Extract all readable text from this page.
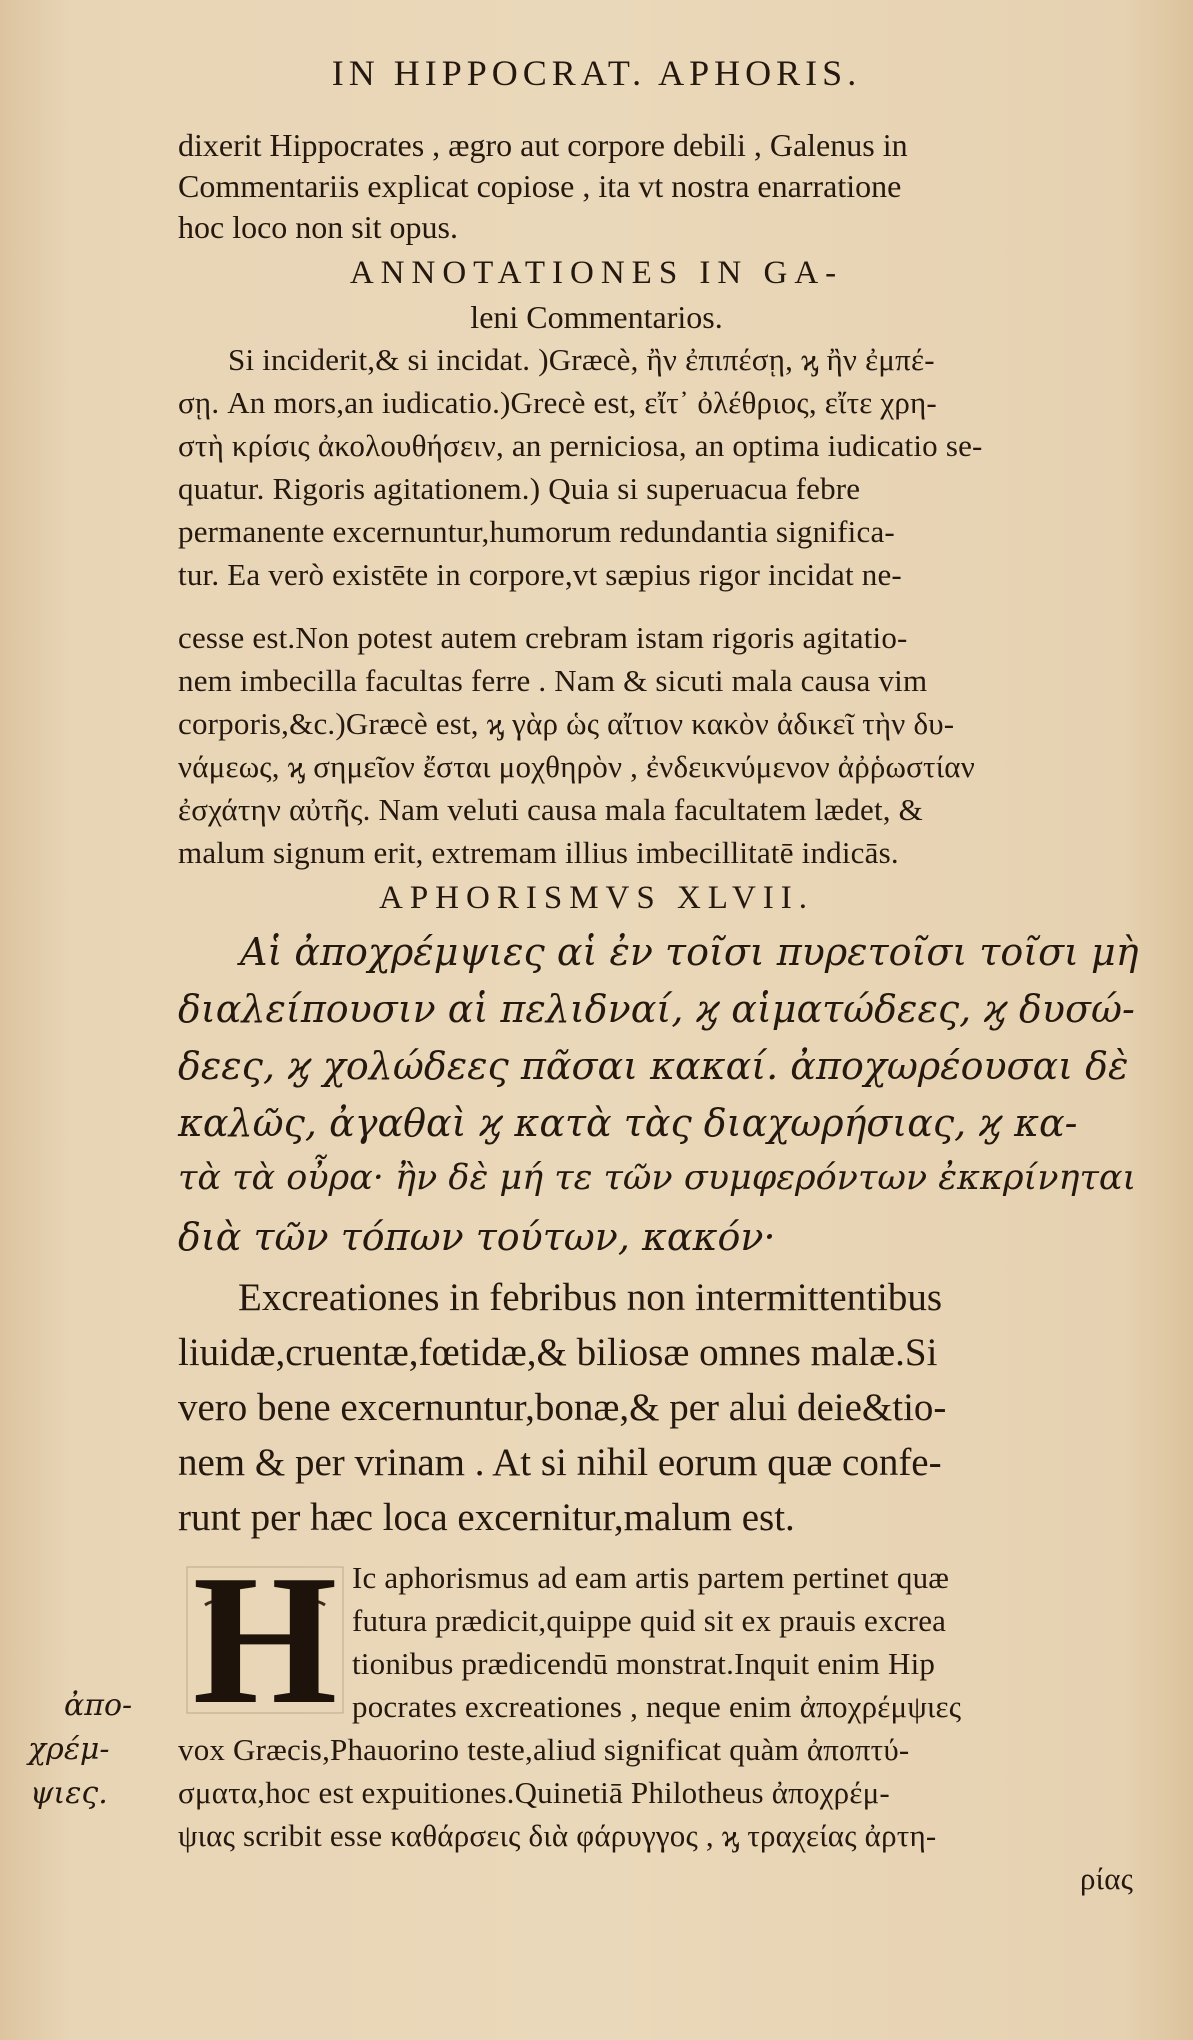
IN HIPPOCRAT. APHORIS.
dixerit Hippocrates , ægro aut corpore debili , Galenus in
Commentariis explicat copiose , ita vt nostra enarratione
hoc loco non sit opus.
ANNOTATIONES IN GA-
leni Commentarios.
Si inciderit,& si incidat. )Græcè, ἢν ἐπιπέσῃ, ϗ ἢν ἐμπέ-
σῃ. An mors,an iudicatio.)Grecè est, εἴτ᾽ ὀλέθριος, εἴτε χρη-
στὴ κρίσις ἀκολουθήσειν, an perniciosa, an optima iudicatio se-
quatur. Rigoris agitationem.) Quia si superuacua febre
permanente excernuntur,humorum redundantia significa-
tur. Ea verò existēte in corpore,vt sæpius rigor incidat ne-
cesse est.Non potest autem crebram istam rigoris agitatio-
nem imbecilla facultas ferre . Nam & sicuti mala causa vim
corporis,&c.)Græcè est, ϗ γὰρ ὡς αἴτιον κακὸν ἀδικεῖ τὴν δυ-
νάμεως, ϗ σημεῖον ἔσται μοχθηρὸν , ἐνδεικνύμενον ἀῤῥωστίαν
ἐσχάτην αὐτῆς. Nam veluti causa mala facultatem lædet, &
malum signum erit, extremam illius imbecillitatē indicās.
APHORISMVS XLVII.
Αἱ ἀποχρέμψιες αἱ ἐν τοῖσι πυρετοῖσι τοῖσι μὴ
διαλείπουσιν αἱ πελιδναί, ϗ αἱματώδεες, ϗ δυσώ-
δεες, ϗ χολώδεες πᾶσαι κακαί. ἀποχωρέουσαι δὲ
καλῶς, ἀγαθαὶ ϗ κατὰ τὰς διαχωρήσιας, ϗ κα-
τὰ τὰ οὖρα· ἢν δὲ μή τε τῶν συμφερόντων ἐκκρίνηται
διὰ τῶν τόπων τούτων, κακόν·
Excreationes in febribus non intermittentibus
liuidæ,cruentæ,fœtidæ,& biliosæ omnes malæ.Si
vero bene excernuntur,bonæ,& per alui deie&tio-
nem & per vrinam . At si nihil eorum quæ confe-
runt per hæc loca excernitur,malum est.
H Ic aphorismus ad eam artis partem pertinet quæ
futura prædicit,quippe quid sit ex prauis excrea
tionibus prædicendū monstrat.Inquit enim Hip
pocrates excreationes , neque enim ἀποχρέμψιες
vox Græcis,Phauorino teste,aliud significat quàm ἀποπτύ-
σματα,hoc est expuitiones.Quinetiā Philotheus ἀποχρέμ-
ψιας scribit esse καθάρσεις διὰ φάρυγγος , ϗ τραχείας ἀρτη-
ρίας
ἀπο-
χρέμ-
ψιες.
